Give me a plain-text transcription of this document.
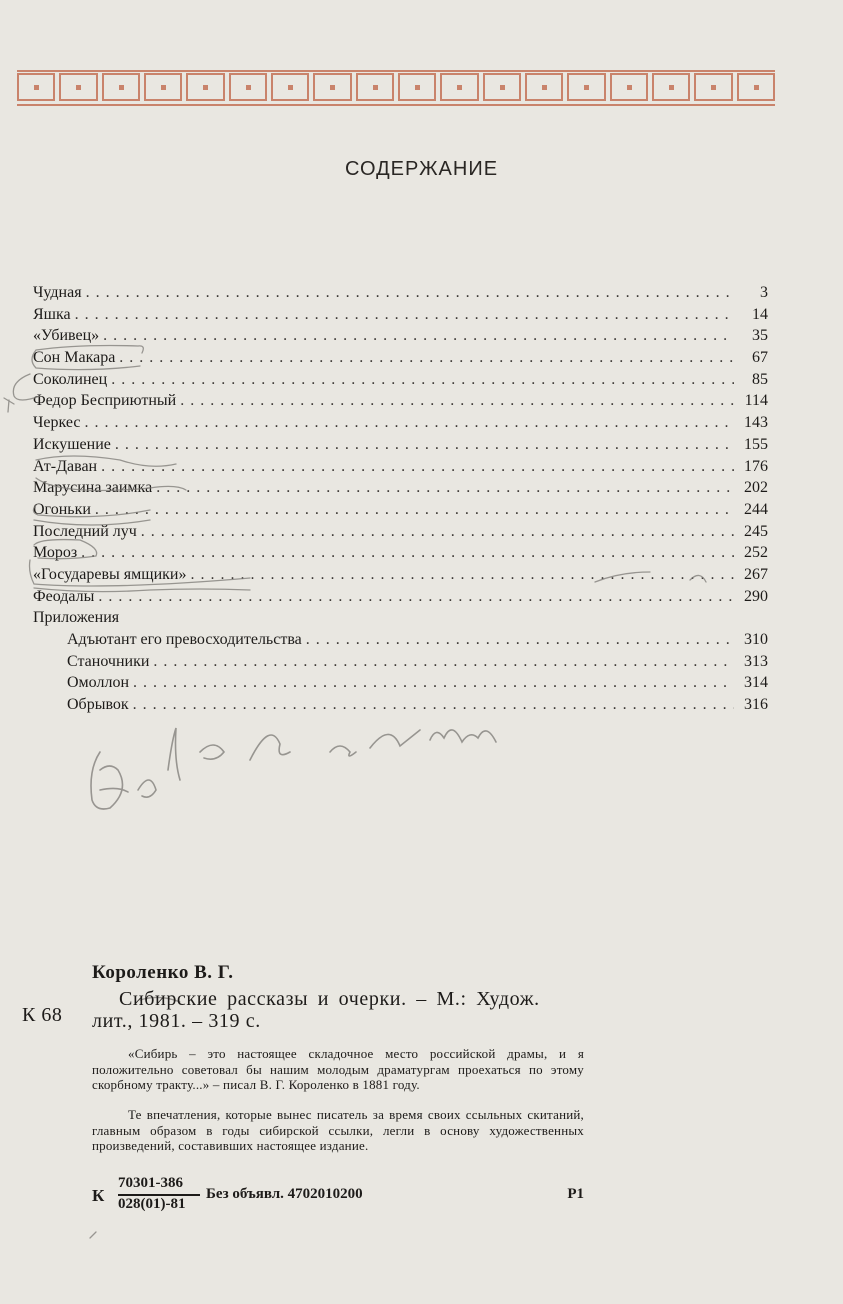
СОДЕРЖАНИЕ
Чудная . . .	3
Яшка . . .	14
«Убивец» . . .	35
Сон Макара . . .	67
Соколинец . . .	85
Федор Бесприютный . . .	114
Черкес . . .	143
Искушение . . .	155
Ат-Даван . . .	176
Марусина заимка . . .	202
Огоньки . . .	244
Последний луч . . .	245
Мороз . . .	252
«Государевы ямщики» . . .	267
Феодалы . . .	290
Приложения
Адъютант его превосходительства . . .	310
Станочники . . .	313
Омоллон . . .	314
Обрывок . . .	316
Короленко В. Г.
Сибирские рассказы и очерки. – М.: Худож.
К 68 лит., 1981. – 319 с.

«Сибирь – это настоящее складочное место российской драмы, и я положительно советовал бы нашим молодым драматургам проехаться по этому скорбному тракту...» – писал В. Г. Короленко в 1881 году.

Те впечатления, которые вынес писатель за время своих ссыльных скитаний, главным образом в годы сибирской ссылки, легли в основу художественных произведений, составивших настоящее издание.

К
70301-386
028(01)-81
Без объявл. 4702010200	Р1
